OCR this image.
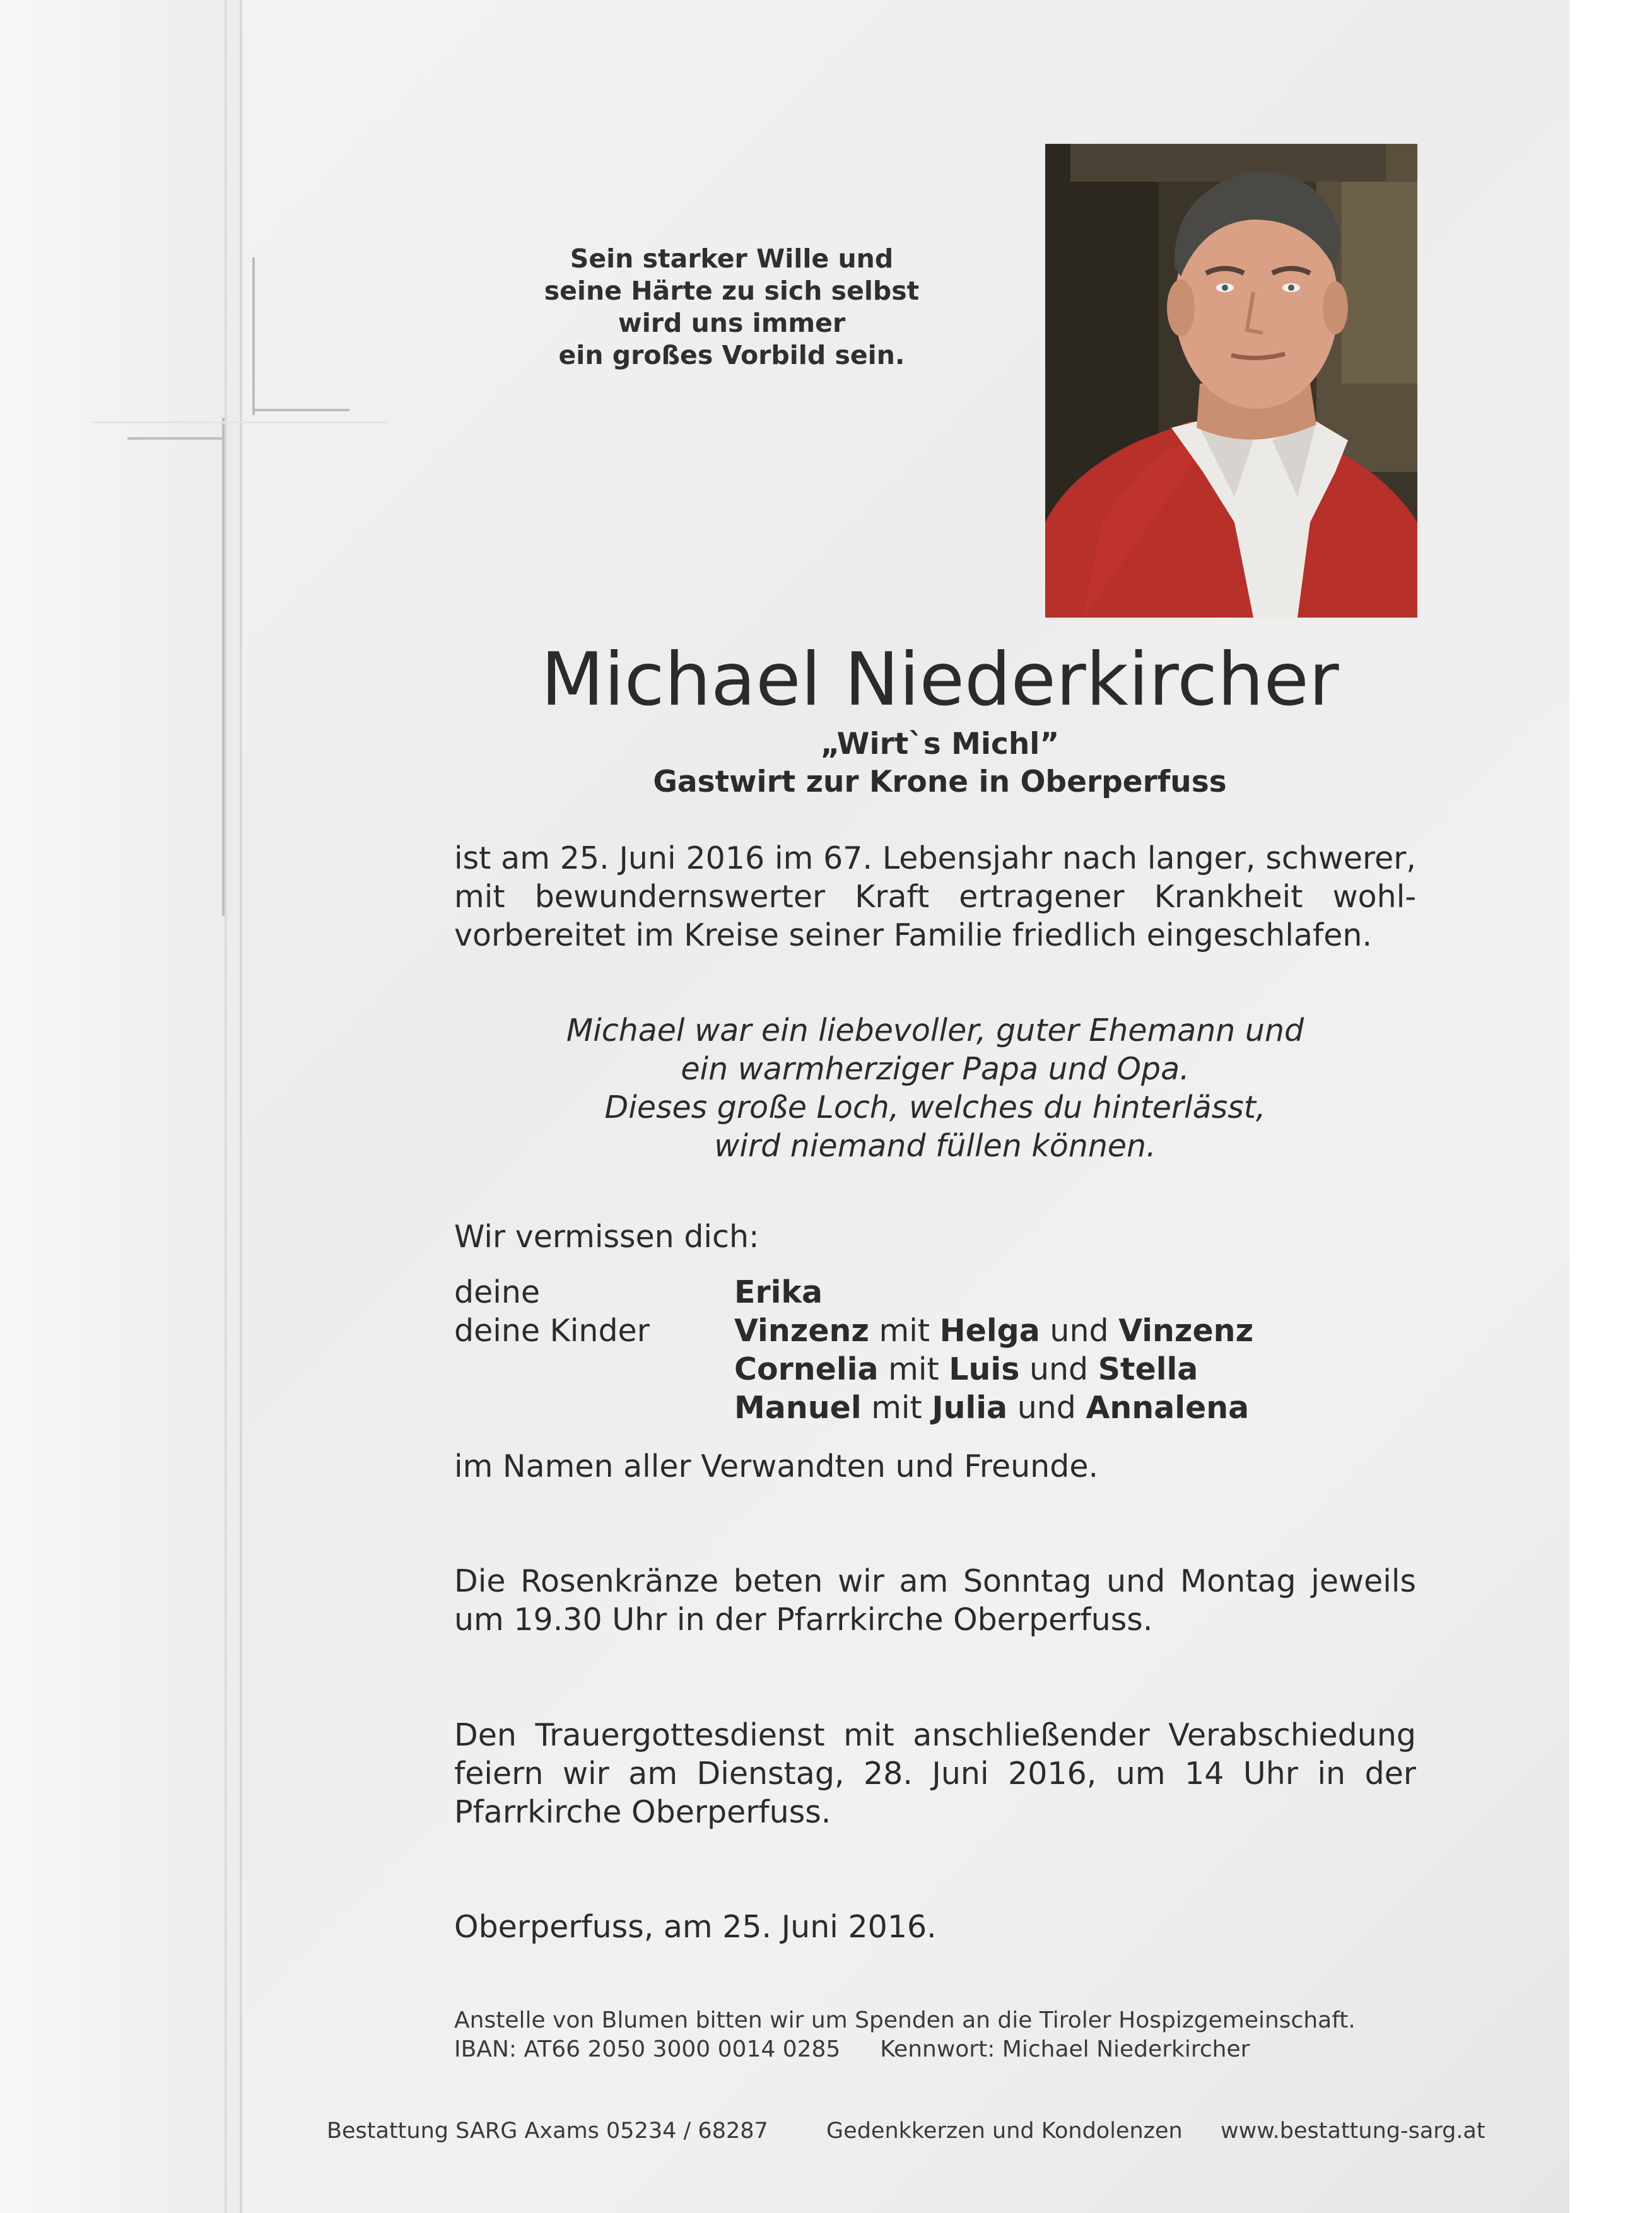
Sein starker Wille und
seine Härte zu sich selbst
wird uns immer
ein großes Vorbild sein.
Michael Niederkircher
„Wirt`s Michl”
Gastwirt zur Krone in Oberperfuss
ist am 25. Juni 2016 im 67. Lebensjahr nach langer, schwerer,
mit bewundernswerter Kraft ertragener Krankheit wohl-
vorbereitet im Kreise seiner Familie friedlich eingeschlafen.
Michael war ein liebevoller, guter Ehemann und
ein warmherziger Papa und Opa.
Dieses große Loch, welches du hinterlässt,
wird niemand füllen können.
Wir vermissen dich:
deine	Erika
deine Kinder	Vinzenz mit Helga und Vinzenz
Cornelia mit Luis und Stella
Manuel mit Julia und Annalena
im Namen aller Verwandten und Freunde.
Die Rosenkränze beten wir am Sonntag und Montag jeweils
um 19.30 Uhr in der Pfarrkirche Oberperfuss.
Den Trauergottesdienst mit anschließender Verabschiedung
feiern wir am Dienstag, 28. Juni 2016, um 14 Uhr in der
Pfarrkirche Oberperfuss.
Oberperfuss, am 25. Juni 2016.
Anstelle von Blumen bitten wir um Spenden an die Tiroler Hospizgemeinschaft.
IBAN: AT66 2050 3000 0014 0285 Kennwort: Michael Niederkircher
Bestattung SARG Axams 05234 / 68287	Gedenkkerzen und Kondolenzen www.bestattung-sarg.at
